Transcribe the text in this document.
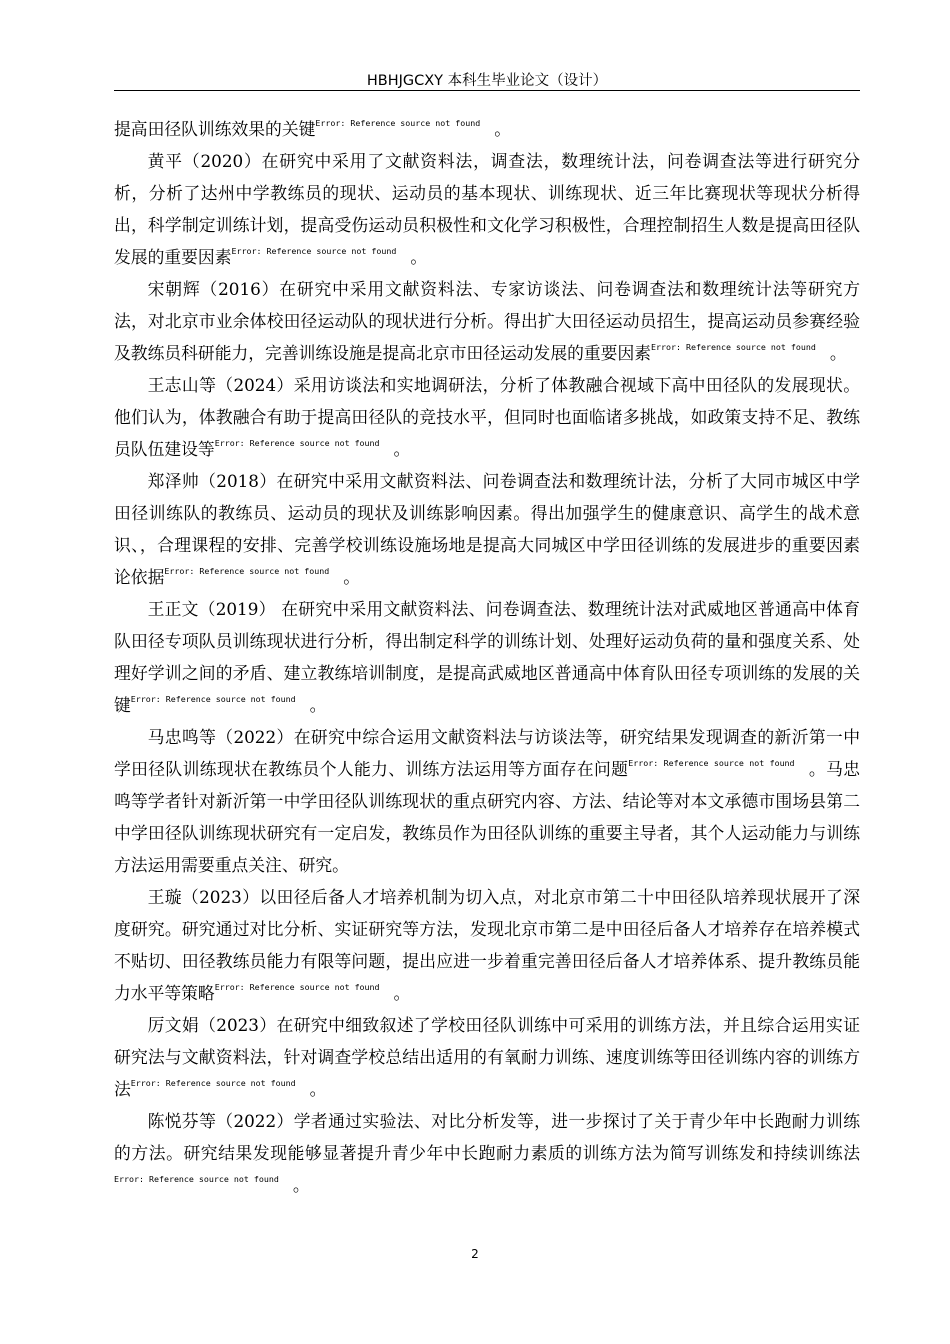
HBHJGCXY 本科生毕业论文（设计）

提高田径队训练效果的关键$^{Error: Reference source not found}$ 。

黄平（2020）在研究中采用了文献资料法，调查法，数理统计法，问卷调查法等进行研究分析，分析了达州中学教练员的现状、运动员的基本现状、训练现状、近三年比赛现状等现状分析得出，科学制定训练计划，提高受伤运动员积极性和文化学习积极性，合理控制招生人数是提高田径队发展的重要因素$^{Error: Reference source not found}$ 。

宋朝辉（2016）在研究中采用文献资料法、专家访谈法、问卷调查法和数理统计法等研究方法，对北京市业余体校田径运动队的现状进行分析。得出扩大田径运动员招生，提高运动员参赛经验及教练员科研能力，完善训练设施是提高北京市田径运动发展的重要因素$^{Error: Reference source not found}$ 。

王志山等（2024）采用访谈法和实地调研法，分析了体教融合视域下高中田径队的发展现状。他们认为，体教融合有助于提高田径队的竞技水平，但同时也面临诸多挑战，如政策支持不足、教练员队伍建设等$^{Error: Reference source not found}$ 。

郑泽帅（2018）在研究中采用文献资料法、问卷调查法和数理统计法，分析了大同市城区中学田径训练队的教练员、运动员的现状及训练影响因素。得出加强学生的健康意识、高学生的战术意识、，合理课程的安排、完善学校训练设施场地是提高大同城区中学田径训练的发展进步的重要因素论依据$^{Error: Reference source not found}$ 。

王正文（2019） 在研究中采用文献资料法、问卷调查法、数理统计法对武威地区普通高中体育队田径专项队员训练现状进行分析，得出制定科学的训练计划、处理好运动负荷的量和强度关系、处理好学训之间的矛盾、建立教练培训制度，是提高武威地区普通高中体育队田径专项训练的发展的关键$^{Error: Reference source not found}$ 。

马忠鸣等（2022）在研究中综合运用文献资料法与访谈法等，研究结果发现调查的新沂第一中学田径队训练现状在教练员个人能力、训练方法运用等方面存在问题$^{Error: Reference source not found}$ 。马忠鸣等学者针对新沂第一中学田径队训练现状的重点研究内容、方法、结论等对本文承德市围场县第二中学田径队训练现状研究有一定启发，教练员作为田径队训练的重要主导者，其个人运动能力与训练方法运用需要重点关注、研究。

王璇（2023）以田径后备人才培养机制为切入点，对北京市第二十中田径队培养现状展开了深度研究。研究通过对比分析、实证研究等方法，发现北京市第二是中田径后备人才培养存在培养模式不贴切、田径教练员能力有限等问题，提出应进一步着重完善田径后备人才培养体系、提升教练员能力水平等策略$^{Error: Reference source not found}$ 。

厉文娟（2023）在研究中细致叙述了学校田径队训练中可采用的训练方法，并且综合运用实证研究法与文献资料法，针对调查学校总结出适用的有氧耐力训练、速度训练等田径训练内容的训练方法$^{Error: Reference source not found}$ 。

陈悦芬等（2022）学者通过实验法、对比分析发等，进一步探讨了关于青少年中长跑耐力训练的方法。研究结果发现能够显著提升青少年中长跑耐力素质的训练方法为简写训练发和持续训练法$^{Error: Reference source not found}$ 。

2
